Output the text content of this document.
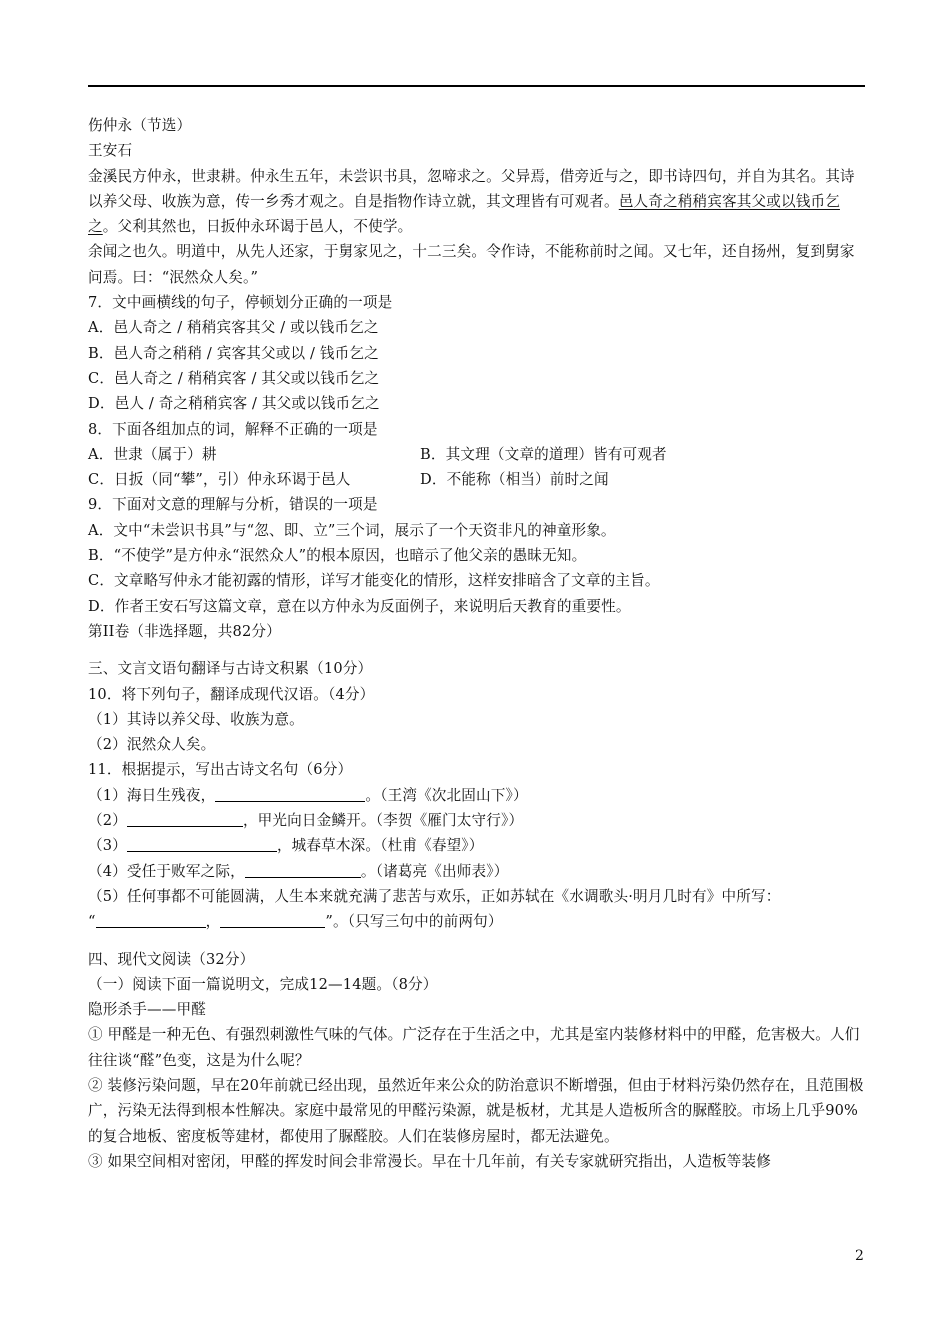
伤仲永（节选）
王安石
金溪民方仲永，世隶耕。仲永生五年，未尝识书具，忽啼求之。父异焉，借旁近与之，即书诗四句，并自为其名。其诗以养父母、收族为意，传一乡秀才观之。自是指物作诗立就，其文理皆有可观者。邑人奇之稍稍宾客其父或以钱币乞之。父利其然也，日扳仲永环谒于邑人，不使学。
余闻之也久。明道中，从先人还家，于舅家见之，十二三矣。令作诗，不能称前时之闻。又七年，还自扬州，复到舅家问焉。曰：“泯然众人矣。”
7．文中画横线的句子，停顿划分正确的一项是
A．邑人奇之 / 稍稍宾客其父 / 或以钱币乞之
B．邑人奇之稍稍 / 宾客其父或以 / 钱币乞之
C．邑人奇之 / 稍稍宾客 / 其父或以钱币乞之
D．邑人 / 奇之稍稍宾客 / 其父或以钱币乞之
8．下面各组加点的词，解释不正确的一项是
A．世隶（属于）耕	B．其文理（文章的道理）皆有可观者
C．日扳（同“攀”，引）仲永环谒于邑人	D．不能称（相当）前时之闻
9．下面对文意的理解与分析，错误的一项是
A．文中“未尝识书具”与“忽、即、立”三个词，展示了一个天资非凡的神童形象。
B．“不使学”是方仲永“泯然众人”的根本原因，也暗示了他父亲的愚昧无知。
C．文章略写仲永才能初露的情形，详写才能变化的情形，这样安排暗含了文章的主旨。
D．作者王安石写这篇文章，意在以方仲永为反面例子，来说明后天教育的重要性。
第II卷（非选择题，共82分）
三、文言文语句翻译与古诗文积累（10分）
10．将下列句子，翻译成现代汉语。（4分）
（1）其诗以养父母、收族为意。
（2）泯然众人矣。
11．根据提示，写出古诗文名句（6分）
（1）海日生残夜，	。（王湾《次北固山下》）
（2）	，甲光向日金鳞开。（李贺《雁门太守行》）
（3）	，城春草木深。（杜甫《春望》）
（4）受任于败军之际，	。（诸葛亮《出师表》）
（5）任何事都不可能圆满，人生本来就充满了悲苦与欢乐，正如苏轼在《水调歌头·明月几时有》中所写：
“	，	”。（只写三句中的前两句）
四、现代文阅读（32分）
（一）阅读下面一篇说明文，完成12—14题。（8分）
隐形杀手——甲醛
① 甲醛是一种无色、有强烈刺激性气味的气体。广泛存在于生活之中，尤其是室内装修材料中的甲醛，危害极大。人们往往谈“醛”色变，这是为什么呢？
② 装修污染问题，早在20年前就已经出现，虽然近年来公众的防治意识不断增强，但由于材料污染仍然存在，且范围极广，污染无法得到根本性解决。家庭中最常见的甲醛污染源，就是板材，尤其是人造板所含的脲醛胶。市场上几乎90%的复合地板、密度板等建材，都使用了脲醛胶。人们在装修房屋时，都无法避免。
③ 如果空间相对密闭，甲醛的挥发时间会非常漫长。早在十几年前，有关专家就研究指出，人造板等装修
2
